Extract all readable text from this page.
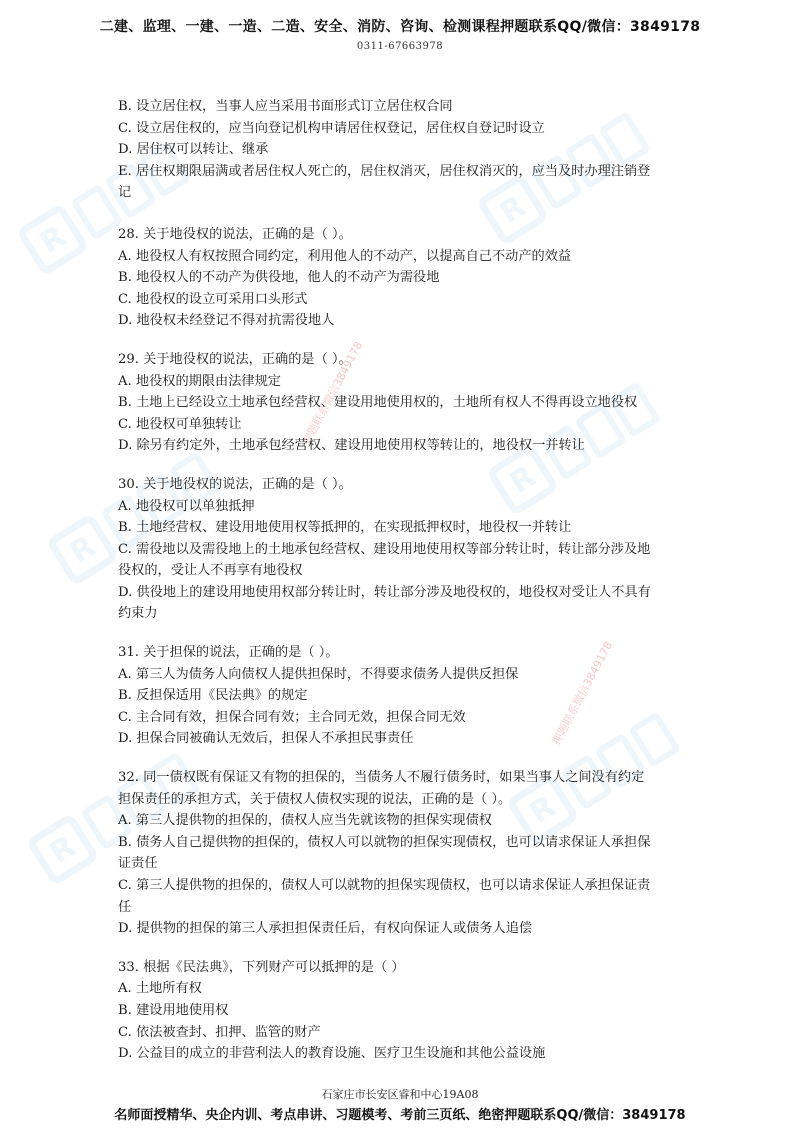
R
R
R
R
R
R
押题联系微信3849178
押题联系微信3849178
二建、监理、一建、一造、二造、安全、消防、咨询、检测课程押题联系QQ/微信：3849178
0311-67663978

B. 设立居住权，当事人应当采用书面形式订立居住权合同

C. 设立居住权的，应当向登记机构申请居住权登记，居住权自登记时设立

D. 居住权可以转让、继承

E. 居住权期限届满或者居住权人死亡的，居住权消灭，居住权消灭的，应当及时办理注销登

记

28. 关于地役权的说法，正确的是（ ）。

A. 地役权人有权按照合同约定，利用他人的不动产，以提高自己不动产的效益

B. 地役权人的不动产为供役地，他人的不动产为需役地

C. 地役权的设立可采用口头形式

D. 地役权未经登记不得对抗需役地人

29. 关于地役权的说法，正确的是（ ）。

A. 地役权的期限由法律规定

B. 土地上已经设立土地承包经营权、建设用地使用权的，土地所有权人不得再设立地役权

C. 地役权可单独转让

D. 除另有约定外，土地承包经营权、建设用地使用权等转让的，地役权一并转让

30. 关于地役权的说法，正确的是（ ）。

A. 地役权可以单独抵押

B. 土地经营权、建设用地使用权等抵押的，在实现抵押权时，地役权一并转让

C. 需役地以及需役地上的土地承包经营权、建设用地使用权等部分转让时，转让部分涉及地

役权的，受让人不再享有地役权

D. 供役地上的建设用地使用权部分转让时，转让部分涉及地役权的，地役权对受让人不具有

约束力

31. 关于担保的说法，正确的是（ ）。

A. 第三人为债务人向债权人提供担保时，不得要求债务人提供反担保

B. 反担保适用《民法典》的规定

C. 主合同有效，担保合同有效；主合同无效，担保合同无效

D. 担保合同被确认无效后，担保人不承担民事责任

32. 同一债权既有保证又有物的担保的，当债务人不履行债务时，如果当事人之间没有约定

担保责任的承担方式，关于债权人债权实现的说法，正确的是（ ）。

A. 第三人提供物的担保的，债权人应当先就该物的担保实现债权

B. 债务人自己提供物的担保的，债权人可以就物的担保实现债权，也可以请求保证人承担保

证责任

C. 第三人提供物的担保的，债权人可以就物的担保实现债权，也可以请求保证人承担保证责

任

D. 提供物的担保的第三人承担担保责任后，有权向保证人或债务人追偿

33. 根据《民法典》，下列财产可以抵押的是（ ）

A. 土地所有权

B. 建设用地使用权

C. 依法被查封、扣押、监管的财产

D. 公益目的成立的非营利法人的教育设施、医疗卫生设施和其他公益设施

石家庄市长安区睿和中心19A08
名师面授精华、央企内训、考点串讲、习题模考、考前三页纸、绝密押题联系QQ/微信：3849178
